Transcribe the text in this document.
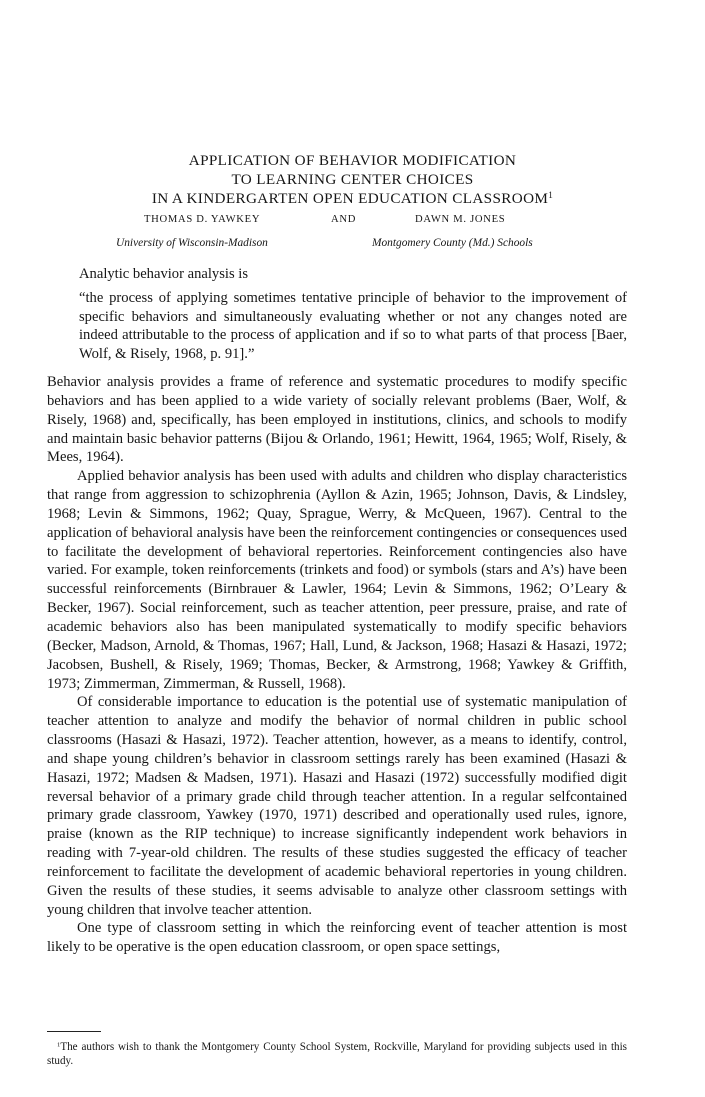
APPLICATION OF BEHAVIOR MODIFICATION
TO LEARNING CENTER CHOICES
IN A KINDERGARTEN OPEN EDUCATION CLASSROOM$^1$
THOMAS D. YAWKEY	AND	DAWN M. JONES
University of Wisconsin-Madison	Montgomery County (Md.) Schools
Analytic behavior analysis is
“the process of applying sometimes tentative principle of behavior to the improvement of specific behaviors and simultaneously evaluating whether or not any changes noted are indeed attributable to the process of application and if so to what parts of that process [Baer, Wolf, & Risely, 1968, p. 91].”

Behavior analysis provides a frame of reference and systematic procedures to modify specific behaviors and has been applied to a wide variety of socially relevant problems (Baer, Wolf, & Risely, 1968) and, specifically, has been employed in institutions, clinics, and schools to modify and maintain basic behavior patterns (Bijou & Orlando, 1961; Hewitt, 1964, 1965; Wolf, Risely, & Mees, 1964).

Applied behavior analysis has been used with adults and children who display characteristics that range from aggression to schizophrenia (Ayllon & Azin, 1965; Johnson, Davis, & Lindsley, 1968; Levin & Simmons, 1962; Quay, Sprague, Werry, & McQueen, 1967). Central to the application of behavioral analysis have been the reinforcement contingencies or consequences used to facilitate the development of behavioral repertories. Reinforcement contingencies also have varied. For example, token reinforcements (trinkets and food) or symbols (stars and A’s) have been successful reinforcements (Birnbrauer & Lawler, 1964; Levin & Simmons, 1962; O’Leary & Becker, 1967). Social reinforcement, such as teacher attention, peer pressure, praise, and rate of academic behaviors also has been manipulated systematically to modify specific behaviors (Becker, Madson, Arnold, & Thomas, 1967; Hall, Lund, & Jackson, 1968; Hasazi & Hasazi, 1972; Jacobsen, Bushell, & Risely, 1969; Thomas, Becker, & Armstrong, 1968; Yawkey & Griffith, 1973; Zimmerman, Zimmerman, & Russell, 1968).

Of considerable importance to education is the potential use of systematic manipulation of teacher attention to analyze and modify the behavior of normal children in public school classrooms (Hasazi & Hasazi, 1972). Teacher attention, however, as a means to identify, control, and shape young children’s behavior in classroom settings rarely has been examined (Hasazi & Hasazi, 1972; Madsen & Madsen, 1971). Hasazi and Hasazi (1972) successfully modified digit reversal behavior of a primary grade child through teacher attention. In a regular selfcontained primary grade classroom, Yawkey (1970, 1971) described and operationally used rules, ignore, praise (known as the RIP technique) to increase significantly independent work behaviors in reading with 7-year-old children. The results of these studies suggested the efficacy of teacher reinforcement to facilitate the development of academic behavioral repertories in young children. Given the results of these studies, it seems advisable to analyze other classroom settings with young children that involve teacher attention.

One type of classroom setting in which the reinforcing event of teacher attention is most likely to be operative is the open education classroom, or open space settings,

$^1$The authors wish to thank the Montgomery County School System, Rockville, Maryland for providing subjects used in this study.
